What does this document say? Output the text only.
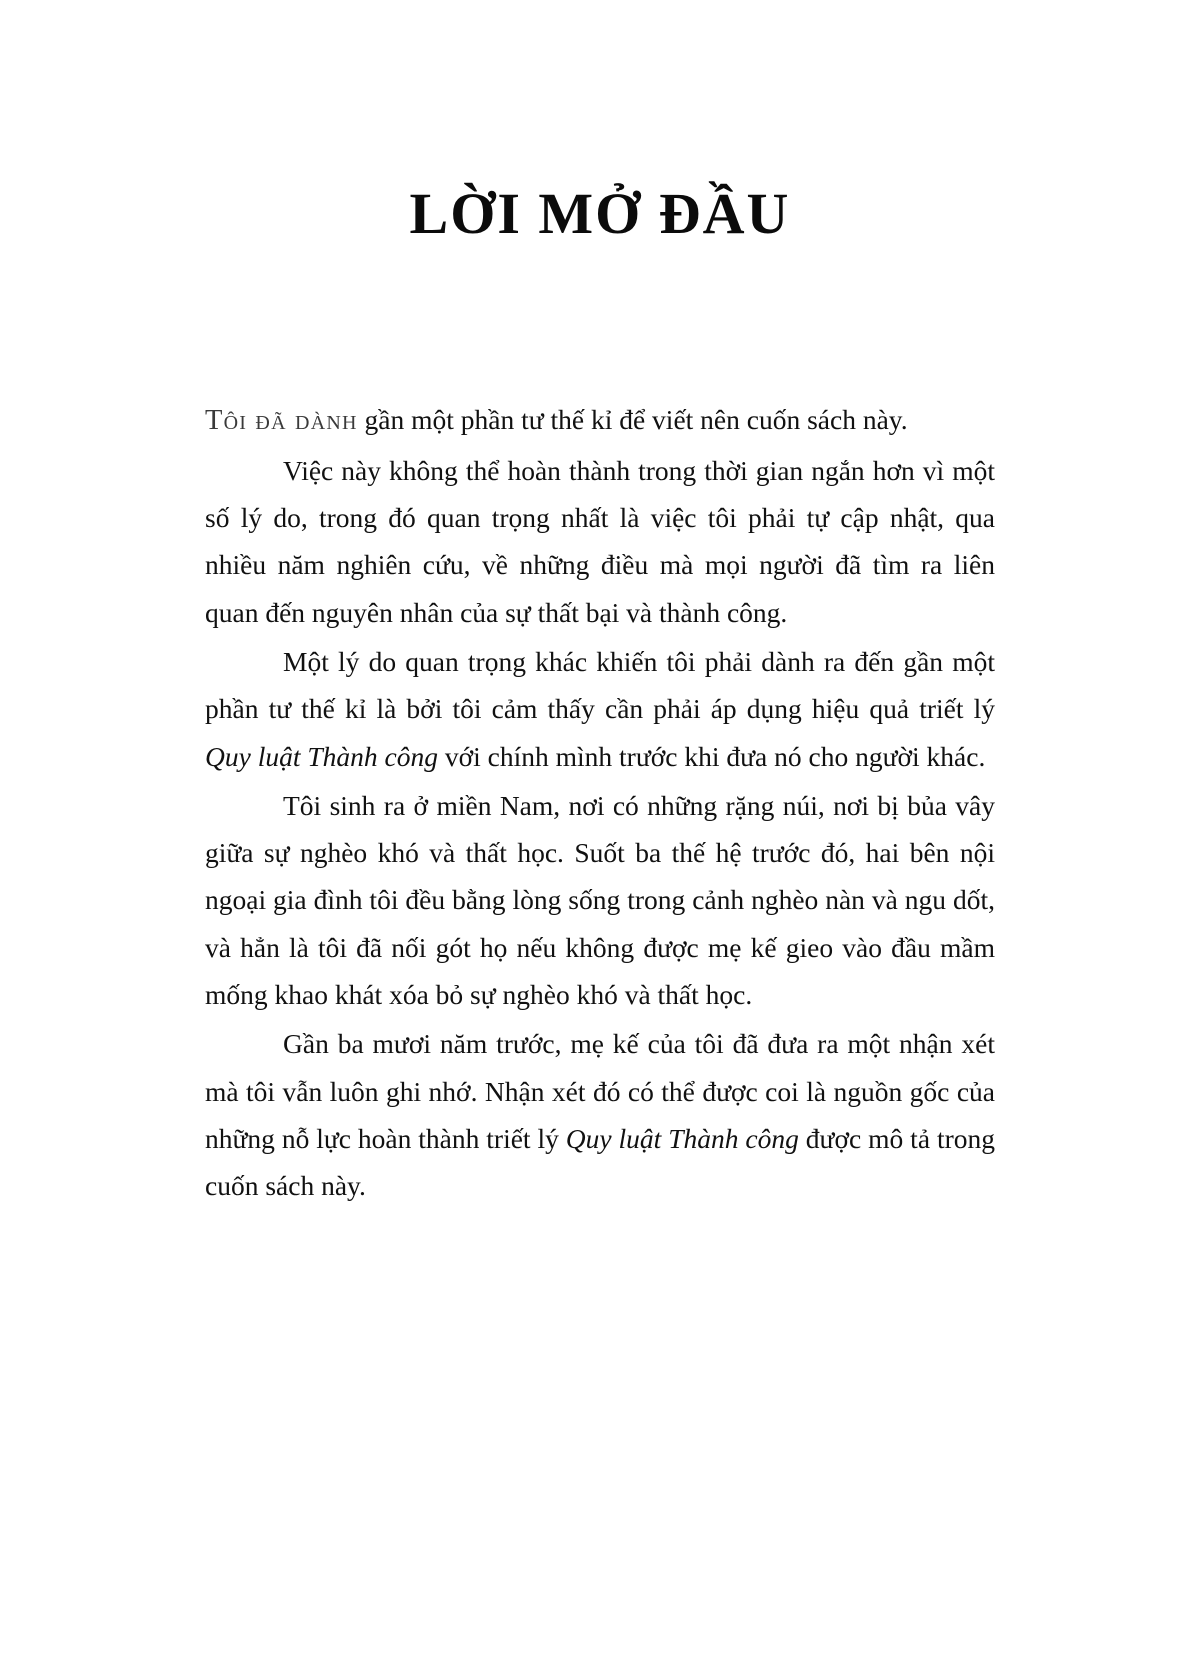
LỜI MỞ ĐẦU

Tôi đã dành gần một phần tư thế kỉ để viết nên cuốn sách này.

Việc này không thể hoàn thành trong thời gian ngắn hơn vì một số lý do, trong đó quan trọng nhất là việc tôi phải tự cập nhật, qua nhiều năm nghiên cứu, về những điều mà mọi người đã tìm ra liên quan đến nguyên nhân của sự thất bại và thành công.

Một lý do quan trọng khác khiến tôi phải dành ra đến gần một phần tư thế kỉ là bởi tôi cảm thấy cần phải áp dụng hiệu quả triết lý Quy luật Thành công với chính mình trước khi đưa nó cho người khác.

Tôi sinh ra ở miền Nam, nơi có những rặng núi, nơi bị bủa vây giữa sự nghèo khó và thất học. Suốt ba thế hệ trước đó, hai bên nội ngoại gia đình tôi đều bằng lòng sống trong cảnh nghèo nàn và ngu dốt, và hẳn là tôi đã nối gót họ nếu không được mẹ kế gieo vào đầu mầm mống khao khát xóa bỏ sự nghèo khó và thất học.

Gần ba mươi năm trước, mẹ kế của tôi đã đưa ra một nhận xét mà tôi vẫn luôn ghi nhớ. Nhận xét đó có thể được coi là nguồn gốc của những nỗ lực hoàn thành triết lý Quy luật Thành công được mô tả trong cuốn sách này.
